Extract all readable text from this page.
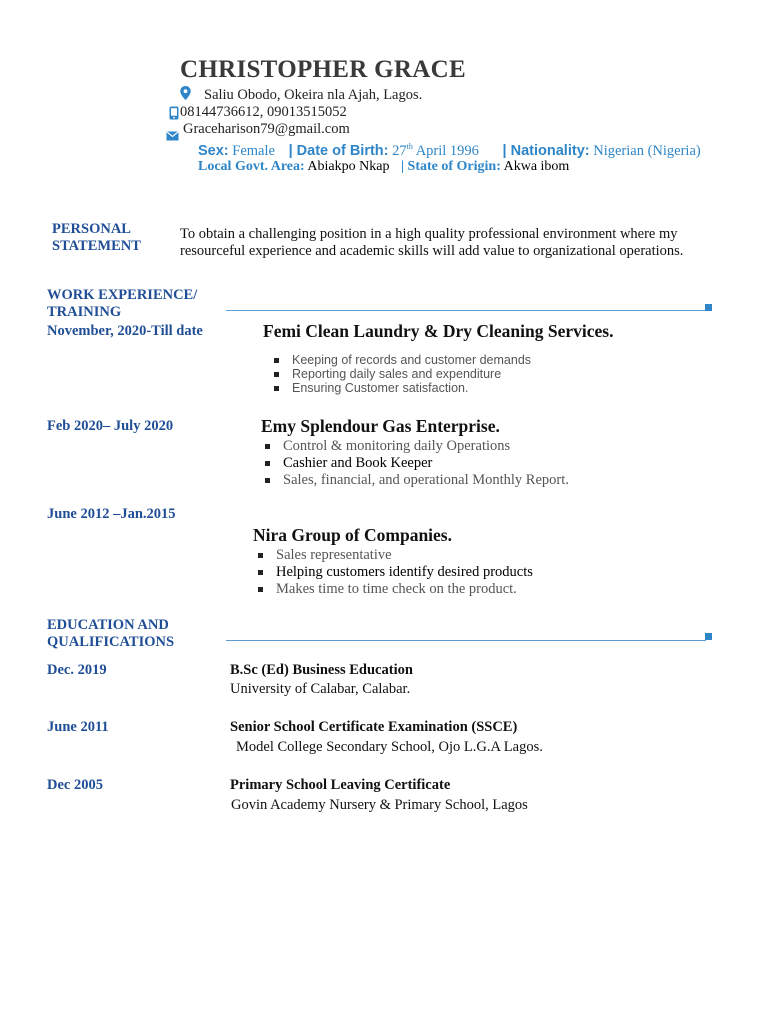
CHRISTOPHER GRACE
Saliu Obodo, Okeira nla Ajah, Lagos.
08144736612, 09013515052
Graceharison79@gmail.com
Sex: Female | Date of Birth: 27th April 1996 | Nationality: Nigerian (Nigeria)
Local Govt. Area: Abiakpo Nkap | State of Origin: Akwa ibom
PERSONAL
STATEMENT
To obtain a challenging position in a high quality professional environment where my resourceful experience and academic skills will add value to organizational operations.
WORK EXPERIENCE/
TRAINING
November, 2020-Till date	Femi Clean Laundry & Dry Cleaning Services.
Keeping of records and customer demands
Reporting daily sales and expenditure
Ensuring Customer satisfaction.
Feb 2020– July 2020	Emy Splendour Gas Enterprise.
Control & monitoring daily Operations
Cashier and Book Keeper
Sales, financial, and operational Monthly Report.
June 2012 –Jan.2015
Nira Group of Companies.
Sales representative
Helping customers identify desired products
Makes time to time check on the product.
EDUCATION AND
QUALIFICATIONS
Dec. 2019	B.Sc (Ed) Business Education
University of Calabar, Calabar.
June 2011	Senior School Certificate Examination (SSCE)
Model College Secondary School, Ojo L.G.A Lagos.
Dec 2005	Primary School Leaving Certificate
Govin Academy Nursery & Primary School, Lagos
